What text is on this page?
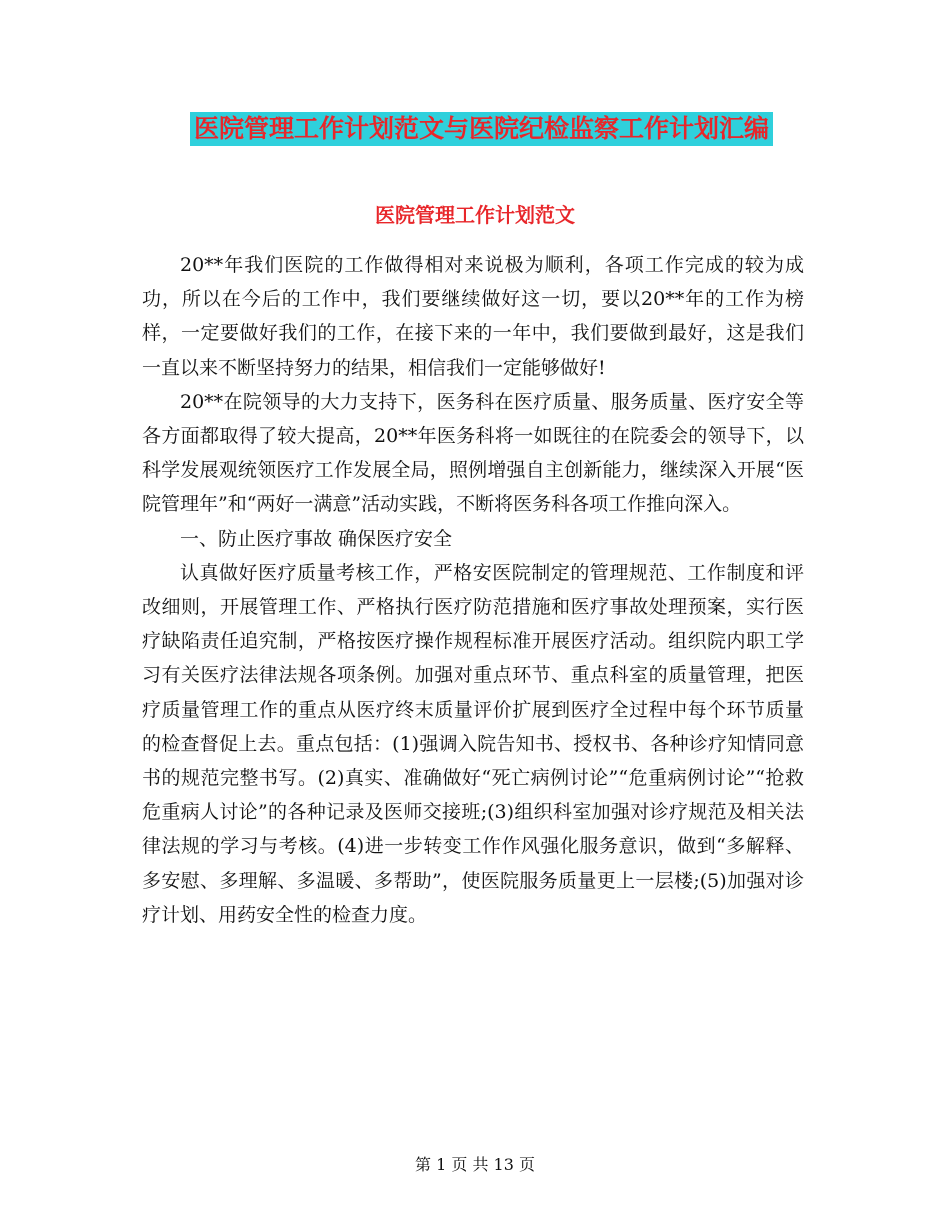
医院管理工作计划范文与医院纪检监察工作计划汇编
医院管理工作计划范文

20**年我们医院的工作做得相对来说极为顺利，各项工作完成的较为成功，所以在今后的工作中，我们要继续做好这一切，要以20**年的工作为榜样，一定要做好我们的工作，在接下来的一年中，我们要做到最好，这是我们一直以来不断坚持努力的结果，相信我们一定能够做好!

20**在院领导的大力支持下，医务科在医疗质量、服务质量、医疗安全等各方面都取得了较大提高，20**年医务科将一如既往的在院委会的领导下，以科学发展观统领医疗工作发展全局，照例增强自主创新能力，继续深入开展“医院管理年”和“两好一满意”活动实践，不断将医务科各项工作推向深入。

一、防止医疗事故 确保医疗安全

认真做好医疗质量考核工作，严格安医院制定的管理规范、工作制度和评改细则，开展管理工作、严格执行医疗防范措施和医疗事故处理预案，实行医疗缺陷责任追究制，严格按医疗操作规程标准开展医疗活动。组织院内职工学习有关医疗法律法规各项条例。加强对重点环节、重点科室的质量管理，把医疗质量管理工作的重点从医疗终末质量评价扩展到医疗全过程中每个环节质量的检查督促上去。重点包括：(1)强调入院告知书、授权书、各种诊疗知情同意书的规范完整书写。(2)真实、准确做好“死亡病例讨论”“危重病例讨论”“抢救危重病人讨论”的各种记录及医师交接班;(3)组织科室加强对诊疗规范及相关法律法规的学习与考核。(4)进一步转变工作作风强化服务意识，做到“多解释、多安慰、多理解、多温暖、多帮助”，使医院服务质量更上一层楼;(5)加强对诊疗计划、用药安全性的检查力度。

第 1 页 共 13 页
